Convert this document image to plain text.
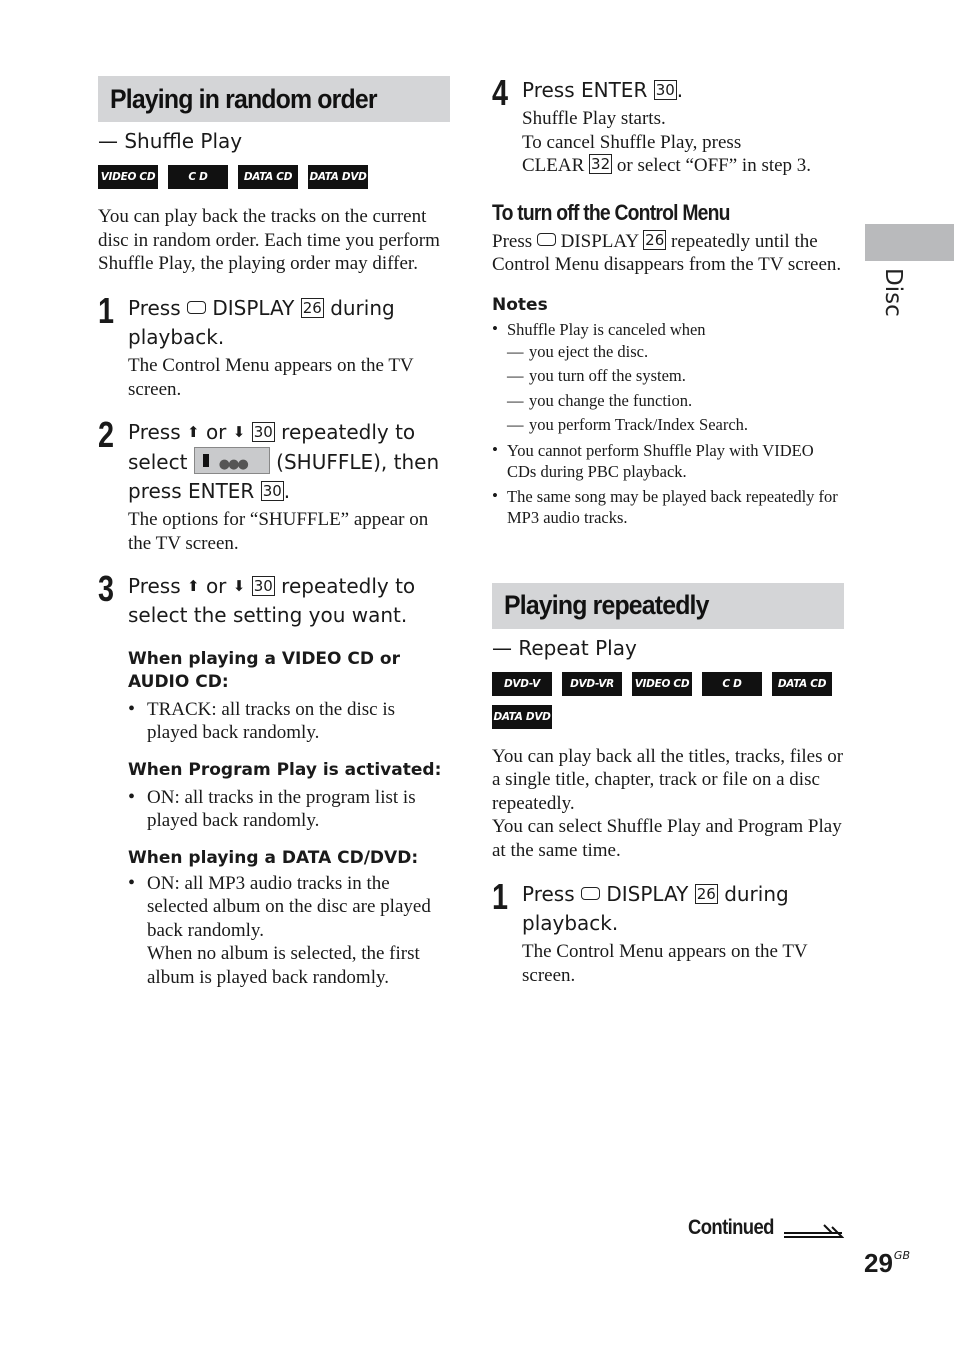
Disc
Playing in random order
— Shuffle Play
VIDEO CD	C D	DATA CD	DATA DVD
You can play back the tracks on the current disc in random order. Each time you perform Shuffle Play, the playing order may differ.
1 Press DISPLAY 26 during playback.
The Control Menu appears on the TV screen.
2 Press ⬆ or ⬇ 30 repeatedly to select ●●●	(SHUFFLE), then press ENTER 30 .
The options for “SHUFFLE” appear on the TV screen.
3 Press ⬆ or ⬇ 30 repeatedly to select the setting you want.
When playing a VIDEO CD or AUDIO CD:
• TRACK: all tracks on the disc is played back randomly.
When Program Play is activated:
• ON: all tracks in the program list is played back randomly.
When playing a DATA CD/DVD:
• ON: all MP3 audio tracks in the selected album on the disc are played back randomly.
When no album is selected, the first album is played back randomly.
4 Press ENTER 30 .
Shuffle Play starts.
To cancel Shuffle Play, press
CLEAR 32 or select “OFF” in step 3.
To turn off the Control Menu
Press DISPLAY 26 repeatedly until the Control Menu disappears from the TV screen.
Notes
• Shuffle Play is canceled when
— you eject the disc.
— you turn off the system.
— you change the function.
— you perform Track/Index Search.
• You cannot perform Shuffle Play with VIDEO CDs during PBC playback.
• The same song may be played back repeatedly for MP3 audio tracks.
Playing repeatedly
— Repeat Play
DVD-V	DVD-VR	VIDEO CD	C D	DATA CD
DATA DVD
You can play back all the titles, tracks, files or a single title, chapter, track or file on a disc repeatedly.
You can select Shuffle Play and Program Play at the same time.
1 Press DISPLAY 26 during playback.
The Control Menu appears on the TV screen.
Continued
$29^{GB}$
